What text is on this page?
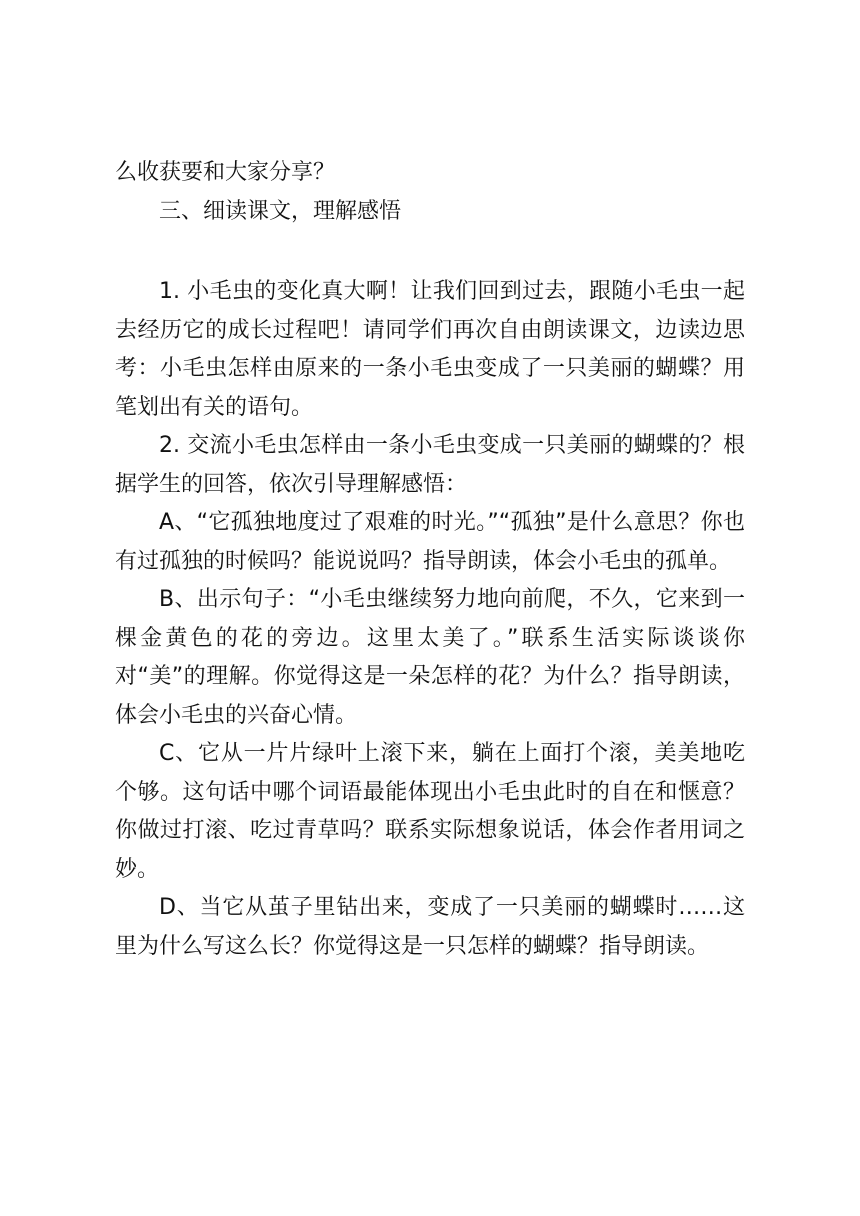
么收获要和大家分享？

三、细读课文，理解感悟

1. 小毛虫的变化真大啊！让我们回到过去，跟随小毛虫一起去经历它的成长过程吧！请同学们再次自由朗读课文，边读边思考：小毛虫怎样由原来的一条小毛虫变成了一只美丽的蝴蝶？用笔划出有关的语句。

2. 交流小毛虫怎样由一条小毛虫变成一只美丽的蝴蝶的？根据学生的回答，依次引导理解感悟：

A、“它孤独地度过了艰难的时光。”“孤独”是什么意思？你也有过孤独的时候吗？能说说吗？指导朗读，体会小毛虫的孤单。

B、出示句子：“小毛虫继续努力地向前爬，不久，它来到一棵金黄色的花的旁边。这里太美了。”联系生活实际谈谈你对“美”的理解。你觉得这是一朵怎样的花？为什么？指导朗读，体会小毛虫的兴奋心情。

C、它从一片片绿叶上滚下来，躺在上面打个滚，美美地吃个够。这句话中哪个词语最能体现出小毛虫此时的自在和惬意？你做过打滚、吃过青草吗？联系实际想象说话，体会作者用词之妙。

D、当它从茧子里钻出来，变成了一只美丽的蝴蝶时……这里为什么写这么长？你觉得这是一只怎样的蝴蝶？指导朗读。
